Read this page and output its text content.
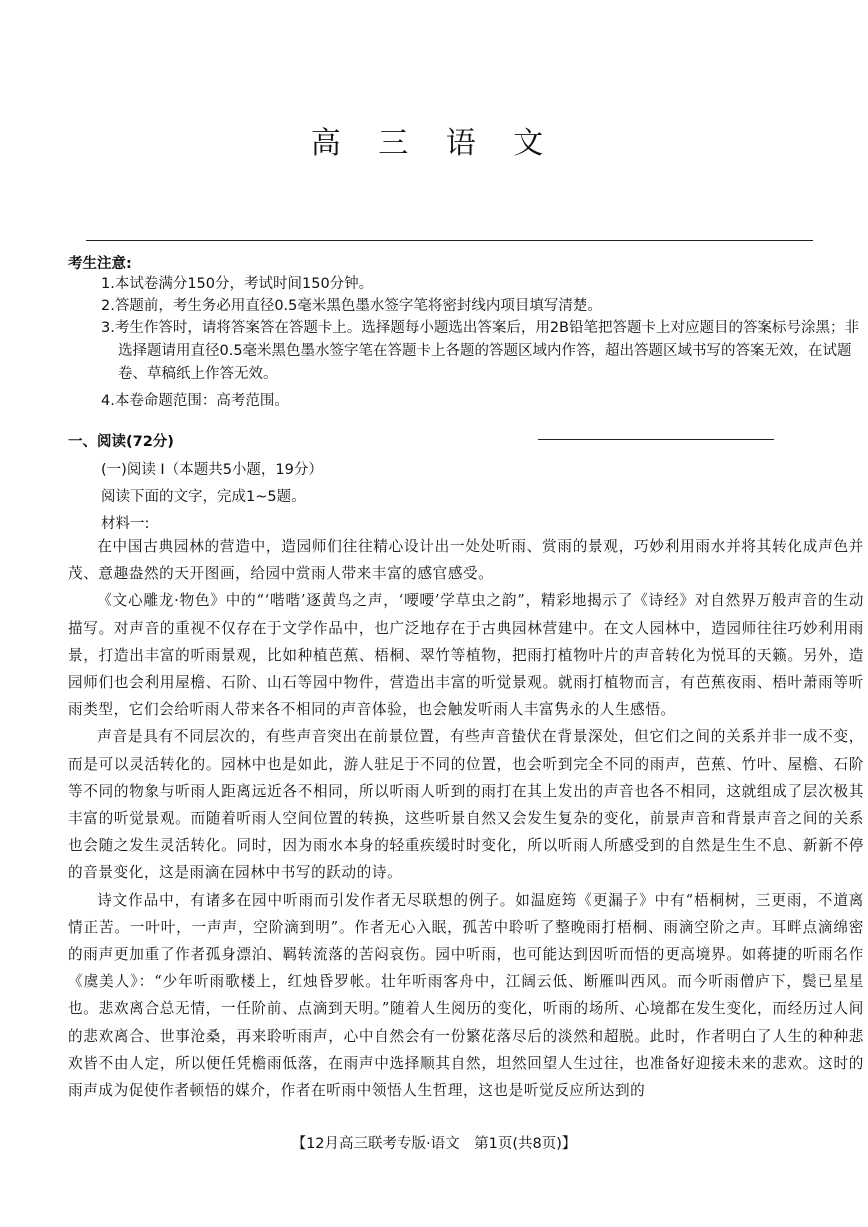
高 三 语 文
考生注意:
1.本试卷满分150分，考试时间150分钟。
2.答题前，考生务必用直径0.5毫米黑色墨水签字笔将密封线内项目填写清楚。
3.考生作答时，请将答案答在答题卡上。选择题每小题选出答案后，用2B铅笔把答题卡上对应题目的答案标号涂黑；非选择题请用直径0.5毫米黑色墨水签字笔在答题卡上各题的答题区域内作答，超出答题区域书写的答案无效，在试题卷、草稿纸上作答无效。
4.本卷命题范围：高考范围。
一、阅读(72分)
(一)阅读 I（本题共5小题，19分）
阅读下面的文字，完成1~5题。
材料一:

在中国古典园林的营造中，造园师们往往精心设计出一处处听雨、赏雨的景观，巧妙利用雨水并将其转化成声色并茂、意趣盎然的天开图画，给园中赏雨人带来丰富的感官感受。

《文心雕龙·物色》中的“‘喈喈’逐黄鸟之声，‘喓喓’学草虫之韵”，精彩地揭示了《诗经》对自然界万般声音的生动描写。对声音的重视不仅存在于文学作品中，也广泛地存在于古典园林营建中。在文人园林中，造园师往往巧妙利用雨景，打造出丰富的听雨景观，比如种植芭蕉、梧桐、翠竹等植物，把雨打植物叶片的声音转化为悦耳的天籁。另外，造园师们也会利用屋檐、石阶、山石等园中物件，营造出丰富的听觉景观。就雨打植物而言，有芭蕉夜雨、梧叶萧雨等听雨类型，它们会给听雨人带来各不相同的声音体验，也会触发听雨人丰富隽永的人生感悟。

声音是具有不同层次的，有些声音突出在前景位置，有些声音蛰伏在背景深处，但它们之间的关系并非一成不变，而是可以灵活转化的。园林中也是如此，游人驻足于不同的位置，也会听到完全不同的雨声，芭蕉、竹叶、屋檐、石阶等不同的物象与听雨人距离远近各不相同，所以听雨人听到的雨打在其上发出的声音也各不相同，这就组成了层次极其丰富的听觉景观。而随着听雨人空间位置的转换，这些听景自然又会发生复杂的变化，前景声音和背景声音之间的关系也会随之发生灵活转化。同时，因为雨水本身的轻重疾缓时时变化，所以听雨人所感受到的自然是生生不息、新新不停的音景变化，这是雨滴在园林中书写的跃动的诗。

诗文作品中，有诸多在园中听雨而引发作者无尽联想的例子。如温庭筠《更漏子》中有“梧桐树，三更雨，不道离情正苦。一叶叶，一声声，空阶滴到明”。作者无心入眠，孤苦中聆听了整晚雨打梧桐、雨滴空阶之声。耳畔点滴绵密的雨声更加重了作者孤身漂泊、羁转流落的苦闷哀伤。园中听雨，也可能达到因听而悟的更高境界。如蒋捷的听雨名作《虞美人》：“少年听雨歌楼上，红烛昏罗帐。壮年听雨客舟中，江阔云低、断雁叫西风。而今听雨僧庐下，鬓已星星也。悲欢离合总无情，一任阶前、点滴到天明。”随着人生阅历的变化，听雨的场所、心境都在发生变化，而经历过人间的悲欢离合、世事沧桑，再来聆听雨声，心中自然会有一份繁花落尽后的淡然和超脱。此时，作者明白了人生的种种悲欢皆不由人定，所以便任凭檐雨低落，在雨声中选择顺其自然，坦然回望人生过往，也准备好迎接未来的悲欢。这时的雨声成为促使作者顿悟的媒介，作者在听雨中领悟人生哲理，这也是听觉反应所达到的

【12月高三联考专版·语文　第1页(共8页)】
